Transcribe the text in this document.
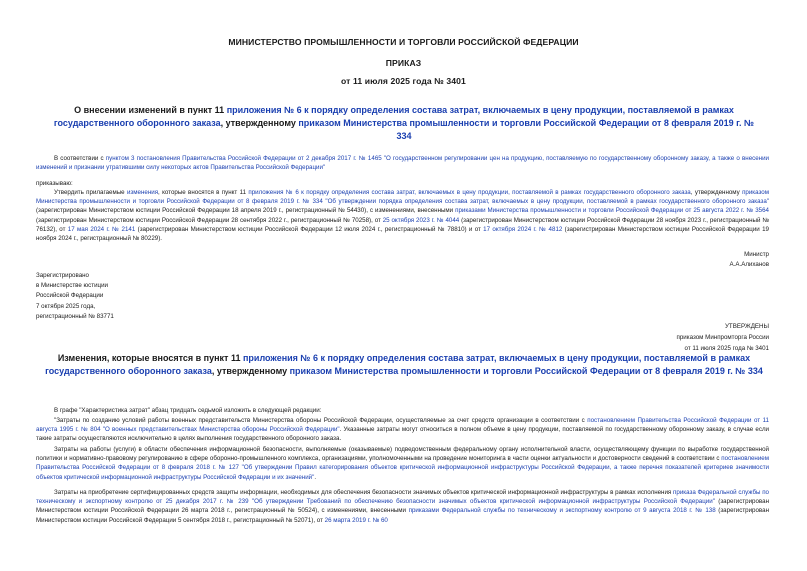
МИНИСТЕРСТВО ПРОМЫШЛЕННОСТИ И ТОРГОВЛИ РОССИЙСКОЙ ФЕДЕРАЦИИ
ПРИКАЗ
от 11 июля 2025 года № 3401
О внесении изменений в пункт 11 приложения № 6 к порядку определения состава затрат, включаемых в цену продукции, поставляемой в рамках государственного оборонного заказа, утвержденному приказом Министерства промышленности и торговли Российской Федерации от 8 февраля 2019 г. № 334
В соответствии с пунктом 3 постановления Правительства Российской Федерации от 2 декабря 2017 г. № 1465 "О государственном регулировании цен на продукцию, поставляемую по государственному оборонному заказу, а также о внесении изменений и признании утратившими силу некоторых актов Правительства Российской Федерации"
приказываю:
Утвердить прилагаемые изменения, которые вносятся в пункт 11 приложения № 6 к порядку определения состава затрат, включаемых в цену продукции, поставляемой в рамках государственного оборонного заказа, утвержденному приказом Министерства промышленности и торговли Российской Федерации от 8 февраля 2019 г. № 334 "Об утверждении порядка определения состава затрат, включаемых в цену продукции, поставляемой в рамках государственного оборонного заказа" (зарегистрирован Министерством юстиции Российской Федерации 18 апреля 2019 г., регистрационный № 54430), с изменениями, внесенными приказами Министерства промышленности и торговли Российской Федерации от 25 августа 2022 г. № 3564 (зарегистрирован Министерством юстиции Российской Федерации 28 сентября 2022 г., регистрационный № 70258), от 25 октября 2023 г. № 4044 (зарегистрирован Министерством юстиции Российской Федерации 28 ноября 2023 г., регистрационный № 76132), от 17 мая 2024 г. № 2141 (зарегистрирован Министерством юстиции Российской Федерации 12 июля 2024 г., регистрационный № 78810) и от 17 октября 2024 г. № 4812 (зарегистрирован Министерством юстиции Российской Федерации 19 ноября 2024 г., регистрационный № 80229).
Министр
А.А.Алиханов
Зарегистрировано
в Министерстве юстиции
Российской Федерации
7 октября 2025 года,
регистрационный № 83771
УТВЕРЖДЕНЫ
приказом Минпромторга России
от 11 июля 2025 года № 3401
Изменения, которые вносятся в пункт 11 приложения № 6 к порядку определения состава затрат, включаемых в цену продукции, поставляемой в рамках государственного оборонного заказа, утвержденному приказом Министерства промышленности и торговли Российской Федерации от 8 февраля 2019 г. № 334
В графе "Характеристика затрат" абзац тридцать седьмой изложить в следующей редакции:
"Затраты по созданию условий работы военных представительств Министерства обороны Российской Федерации, осуществляемые за счет средств организации в соответствии с постановлением Правительства Российской Федерации от 11 августа 1995 г. № 804 "О военных представительствах Министерства обороны Российской Федерации". Указанные затраты могут относиться в полном объеме в цену продукции, поставляемой по государственному оборонному заказу, в случае если такие затраты осуществляются исключительно в целях выполнения государственного оборонного заказа.
Затраты на работы (услуги) в области обеспечения информационной безопасности, выполняемые (оказываемые) подведомственным федеральному органу исполнительной власти, осуществляющему функции по выработке государственной политики и нормативно-правовому регулированию в сфере оборонно-промышленного комплекса, организациями, уполномоченными на проведение мониторинга в части оценки актуальности и достоверности сведений в соответствии с постановлением Правительства Российской Федерации от 8 февраля 2018 г. № 127 "Об утверждении Правил категорирования объектов критической информационной инфраструктуры Российской Федерации, а также перечня показателей критериев значимости объектов критической информационной инфраструктуры Российской Федерации и их значений".
Затраты на приобретение сертифицированных средств защиты информации, необходимых для обеспечения безопасности значимых объектов критической информационной инфраструктуры в рамках исполнения приказа Федеральной службы по техническому и экспортному контролю от 25 декабря 2017 г. № 239 "Об утверждении Требований по обеспечению безопасности значимых объектов критической информационной инфраструктуры Российской Федерации" (зарегистрирован Министерством юстиции Российской Федерации 26 марта 2018 г., регистрационный № 50524), с изменениями, внесенными приказами Федеральной службы по техническому и экспортному контролю от 9 августа 2018 г. № 138 (зарегистрирован Министерством юстиции Российской Федерации 5 сентября 2018 г., регистрационный № 52071), от 26 марта 2019 г. № 60
